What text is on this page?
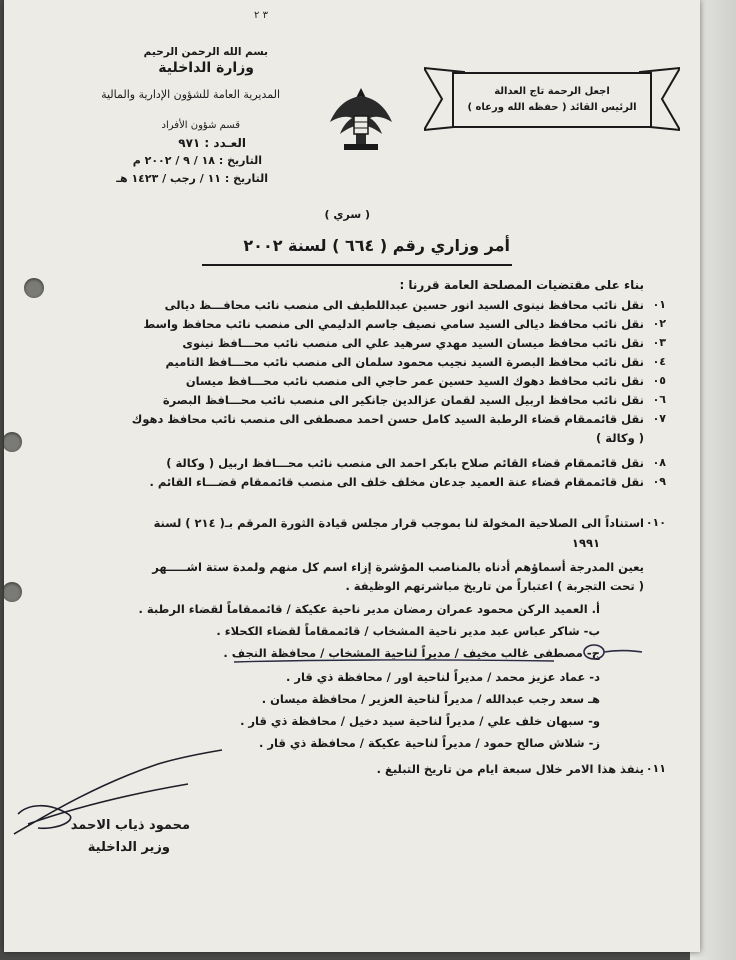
٣ ٢
بسم الله الرحمن الرحيم
وزارة الداخلية
المديرية العامة للشؤون الإدارية والمالية
قسم شؤون الأفراد
العـدد : ٩٧١
التاريخ : ١٨ / ٩ / ٢٠٠٢ م
التاريخ : ١١ / رجب / ١٤٢٣ هـ
اجعل الرحمة تاج العدالة
الرئيس القائد ( حفظه الله ورعاه )
( سري )
أمر وزاري رقم ( ٦٦٤ ) لسنة ٢٠٠٢
بناء على مقتضيات المصلحة العامة قررنا :
٠١
نقل نائب محافظ نينوى السيد انور حسين عبداللطيف الى منصب نائب محافـــظ ديالى
٠٢
نقل نائب محافظ ديالى السيد سامي نصيف جاسم الدليمي الى منصب نائب محافظ واسط
٠٣
نقل نائب محافظ ميسان السيد مهدي سرهيد علي الى منصب نائب محـــافظ نينوى
٠٤
نقل نائب محافظ البصرة السيد نجيب محمود سلمان الى منصب نائب محـــافظ التاميم
٠٥
نقل نائب محافظ دهوك السيد حسين عمر حاجي الى منصب نائب محـــافظ ميسان
٠٦
نقل نائب محافظ اربيل السيد لقمان عزالدين جانكير الى منصب نائب محـــافظ البصرة
٠٧
نقل قائممقام قضاء الرطبة السيد كامل حسن احمد مصطفى الى منصب نائب محافظ دهوك
( وكالة )
٠٨
نقل قائممقام قضاء القائم صلاح بابكر احمد الى منصب نائب محـــافظ اربيل ( وكالة )
٠٩
نقل قائممقام قضاء عنة العميد جدعان مخلف خلف الى منصب قائممقام قضـــاء القائم .
٠١٠
استناداً الى الصلاحية المخولة لنا بموجب قرار مجلس قيادة الثورة المرقم بـ( ٢١٤ ) لسنة
١٩٩١
يعين المدرجة أسماؤهم أدناه بالمناصب المؤشرة إزاء اسم كل منهم ولمدة ستة اشـــــهر
( تحت التجربة ) اعتباراً من تاريخ مباشرتهم الوظيفة .
أ. العميد الركن محمود عمران رمضان مدير ناحية عكيكة / قائممقاماً لقضاء الرطبة .
ب- شاكر عباس عبد مدير ناحية المشخاب / قائممقاماً لقضاء الكحلاء .
ج- مصطفى غالب مخيف / مديراً لناحية المشخاب / محافظة النجف .
د- عماد عزيز محمد / مديراً لناحية اور / محافظة ذي قار .
هـ سعد رجب عبدالله / مديراً لناحية العزير / محافظة ميسان .
و- سبهان خلف علي / مديراً لناحية سيد دخيل / محافظة ذي قار .
ز- شلاش صالح حمود / مديراً لناحية عكيكة / محافظة ذي قار .
٠١١
ينفذ هذا الامر خلال سبعة ايام من تاريخ التبليغ .
محمود ذياب الاحمد
وزير الداخلية
